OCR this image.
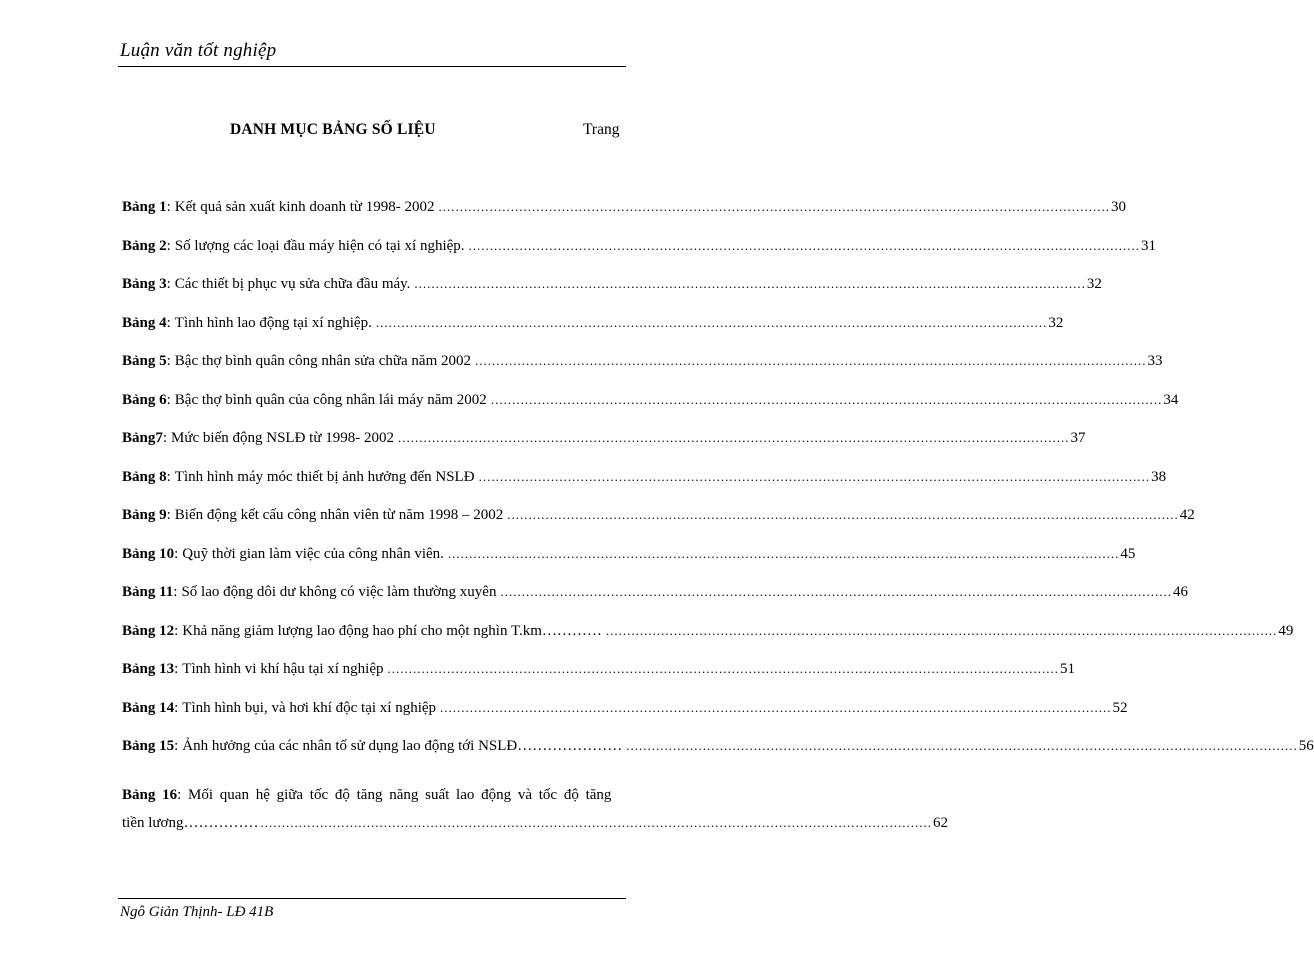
Luận văn tốt nghiệp
DANH MỤC BẢNG SỐ LIỆU	Trang
Bảng 1 : Kết quả sản xuất kinh doanh từ 1998- 2002 .....	30
Bảng 2 : Số lượng các loại đầu máy hiện có tại xí nghiệp. .....	31
Bảng 3 : Các thiết bị phục vụ sửa chữa đầu máy. .....	32
Bảng 4 : Tình hình lao động tại xí nghiệp. .....	32
Bảng 5 : Bậc thợ bình quân công nhân sửa chữa năm 2002 .....	33
Bảng 6 : Bậc thợ bình quân của công nhân lái máy năm 2002 .....	34
Bảng7 : Mức biến động NSLĐ từ 1998- 2002 .....	37
Bảng 8 : Tình hình máy móc thiết bị ảnh hưởng đến NSLĐ .....	38
Bảng 9 : Biến động kết cấu công nhân viên từ năm 1998 – 2002 .....	42
Bảng 10 : Quỹ thời gian làm việc của công nhân viên. .....	45
Bảng 11 : Số lao động dôi dư không có việc làm thường xuyên .....	46
Bảng 12 : Khả năng giảm lượng lao động hao phí cho một nghìn T.km………… .....	49
Bảng 13 : Tình hình vi khí hậu tại xí nghiệp .....	51
Bảng 14 : Tình hình bụi, và hơi khí độc tại xí nghiệp .....	52
Bảng 15 : Ảnh hưởng của các nhân tố sử dụng lao động tới NSLĐ………………… .....	56
Bảng 16: Mối quan hệ giữa tốc độ tăng năng suất lao động và tốc độ tăng
tiền lương…………… .....	62
Ngô Giản Thịnh- LĐ 41B
